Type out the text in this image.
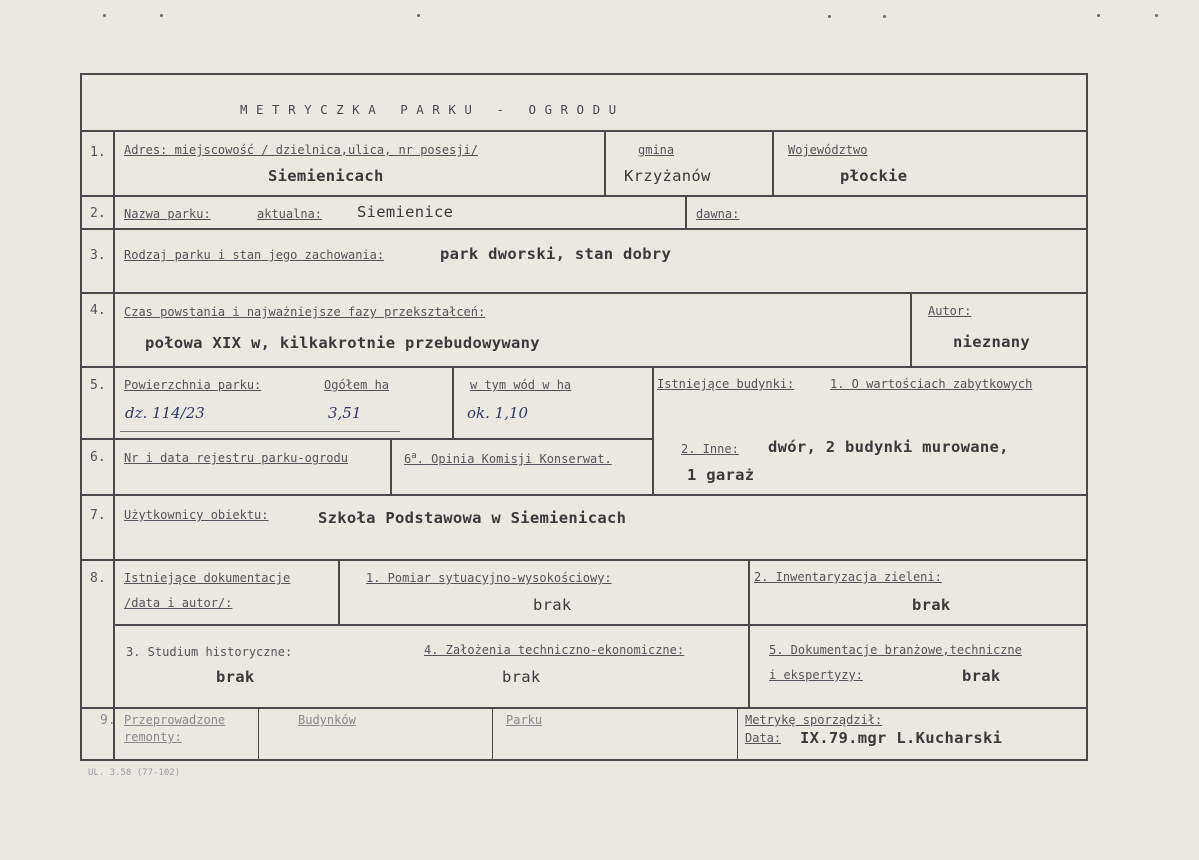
METRYCZKA PARKU - OGRODU
1. Adres: miejscowość / dzielnica,ulica, nr posesji/
Siemienicach
gmina
Krzyżanów
Województwo
płockie
2. Nazwa parku:	aktualna: Siemienice	dawna:
3. Rodzaj parku i stan jego zachowania:	park dworski, stan dobry
4. Czas powstania i najważniejsze fazy przekształceń:
połowa XIX w, kilkakrotnie przebudowywany
Autor:
nieznany
5. Powierzchnia parku:	Ogółem ha	w tym wód w ha
dz. 114/23	3,51	ok. 1,10
Istniejące budynki:	1. O wartościach zabytkowych
6. Nr i data rejestru parku-ogrodu	6$^a$. Opinia Komisji Konserwat.
2. Inne: dwór, 2 budynki murowane,
1 garaż
7. Użytkownicy obiektu:	Szkoła Podstawowa w Siemienicach
8. Istniejące dokumentacje
/data i autor/:
1. Pomiar sytuacyjno-wysokościowy:
brak
2. Inwentaryzacja zieleni:
brak
3. Studium historyczne:
brak
4. Założenia techniczno-ekonomiczne:
brak
5. Dokumentacje branżowe,techniczne
i ekspertyzy:	brak
9. Przeprowadzone
remonty:
Budynków	Parku	Metrykę sporządził:
Data: IX.79.mgr L.Kucharski
UL. 3.58 (77-102)
